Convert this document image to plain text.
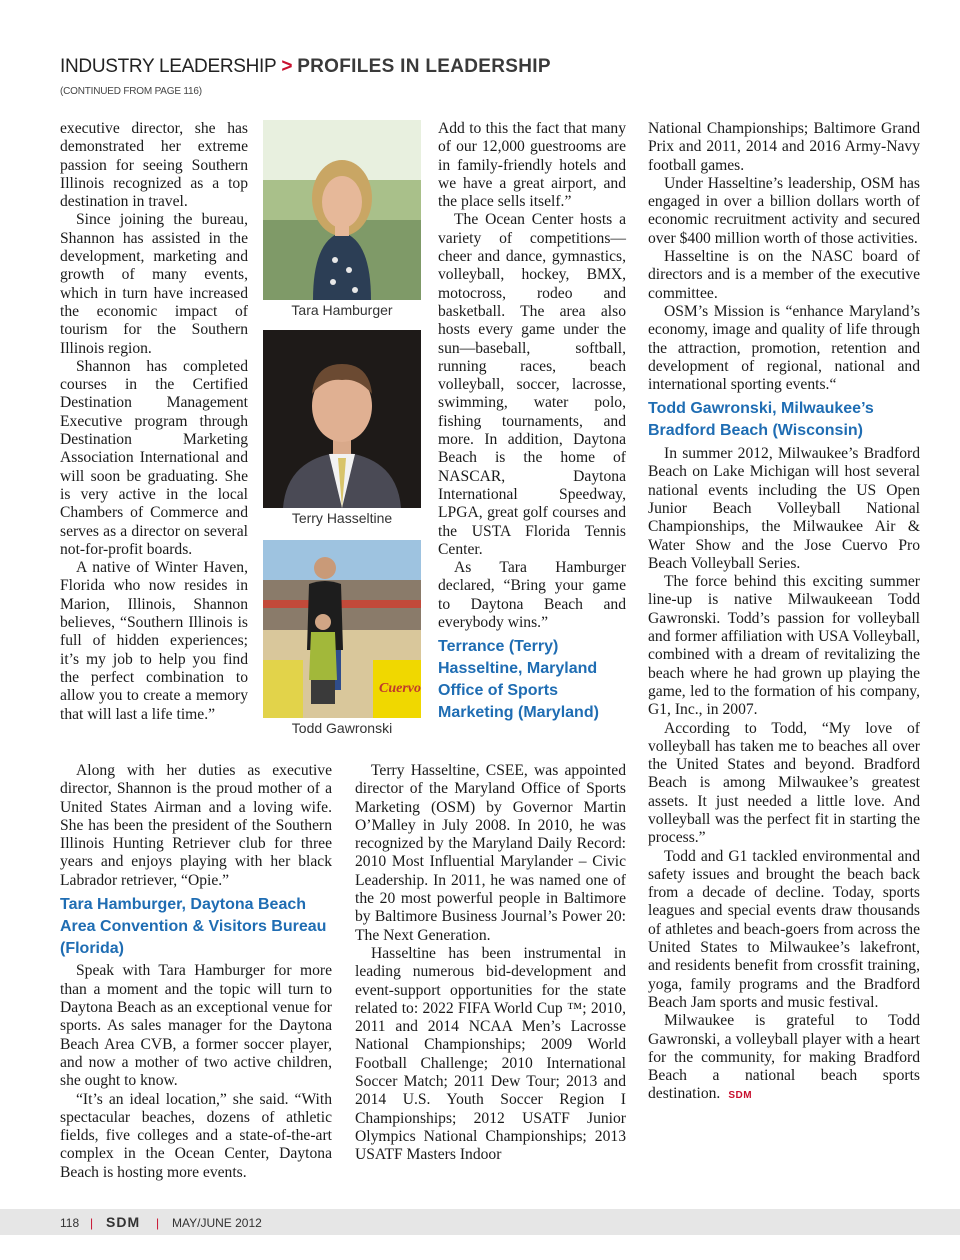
INDUSTRY LEADERSHIP > PROFILES IN LEADERSHIP
(CONTINUED FROM PAGE 116)

executive director, she has demonstrated her extreme passion for seeing Southern Illinois recognized as a top destination in travel.

Since joining the bureau, Shannon has assisted in the development, marketing and growth of many events, which in turn have increased the economic impact of tourism for the Southern Illinois region.

Shannon has completed courses in the Certified Destination Management Executive program through Destination Marketing Association International and will soon be graduating. She is very active in the local Chambers of Commerce and serves as a director on several not-for-profit boards.

A native of Winter Haven, Florida who now resides in Marion, Illinois, Shannon believes, “Southern Illinois is full of hidden experiences; it’s my job to help you find the perfect combination to allow you to create a memory that will last a life time.”

Tara Hamburger
Terry Hasseltine
Cuervo
Todd Gawronski

Along with her duties as executive director, Shannon is the proud mother of a United States Airman and a loving wife. She has been the president of the Southern Illinois Hunting Retriever club for three years and enjoys playing with her black Labrador retriever, “Opie.”

Tara Hamburger, Daytona Beach Area Convention & Visitors Bureau (Florida)

Speak with Tara Hamburger for more than a moment and the topic will turn to Daytona Beach as an exceptional venue for sports. As sales manager for the Daytona Beach Area CVB, a former soccer player, and now a mother of two active children, she ought to know.

“It’s an ideal location,” she said. “With spectacular beaches, dozens of athletic fields, five colleges and a state-of-the-art complex in the Ocean Center, Daytona Beach is hosting more events.

Add to this the fact that many of our 12,000 guestrooms are in family-friendly hotels and we have a great airport, and the place sells itself.”

The Ocean Center hosts a variety of competitions—cheer and dance, gymnastics, volleyball, hockey, BMX, motocross, rodeo and basketball. The area also hosts every game under the sun—baseball, softball, running races, beach volleyball, soccer, lacrosse, swimming, water polo, fishing tournaments, and more. In addition, Daytona Beach is the home of NASCAR, Daytona International Speedway, LPGA, great golf courses and the USTA Florida Tennis Center.

As Tara Hamburger declared, “Bring your game to Daytona Beach and everybody wins.”

Terrance (Terry) Hasseltine, Maryland Office of Sports Marketing (Maryland)

Terry Hasseltine, CSEE, was appointed director of the Maryland Office of Sports Marketing (OSM) by Governor Martin O’Malley in July 2008. In 2010, he was recognized by the Maryland Daily Record: 2010 Most Influential Marylander – Civic Leadership. In 2011, he was named one of the 20 most powerful people in Baltimore by Baltimore Business Journal’s Power 20: The Next Generation.

Hasseltine has been instrumental in leading numerous bid-development and event-support opportunities for the state related to: 2022 FIFA World Cup ™; 2010, 2011 and 2014 NCAA Men’s Lacrosse National Championships; 2009 World Football Challenge; 2010 International Soccer Match; 2011 Dew Tour; 2013 and 2014 U.S. Youth Soccer Region I Championships; 2012 USATF Junior Olympics National Championships; 2013 USATF Masters Indoor

National Championships; Baltimore Grand Prix and 2011, 2014 and 2016 Army-Navy football games.

Under Hasseltine’s leadership, OSM has engaged in over a billion dollars worth of economic recruitment activity and secured over $400 million worth of those activities.

Hasseltine is on the NASC board of directors and is a member of the executive committee.

OSM’s Mission is “enhance Maryland’s economy, image and quality of life through the attraction, promotion, retention and development of regional, national and international sporting events.“

Todd Gawronski, Milwaukee’s Bradford Beach (Wisconsin)

In summer 2012, Milwaukee’s Bradford Beach on Lake Michigan will host several national events including the US Open Junior Beach Volleyball National Championships, the Milwaukee Air & Water Show and the Jose Cuervo Pro Beach Volleyball Series.

The force behind this exciting summer line-up is native Milwaukeean Todd Gawronski. Todd’s passion for volleyball and former affiliation with USA Volleyball, combined with a dream of revitalizing the beach where he had grown up playing the game, led to the formation of his company, G1, Inc., in 2007.

According to Todd, “My love of volleyball has taken me to beaches all over the United States and beyond. Bradford Beach is among Milwaukee’s greatest assets. It just needed a little love. And volleyball was the perfect fit in starting the process.”

Todd and G1 tackled environmental and safety issues and brought the beach back from a decade of decline. Today, sports leagues and special events draw thousands of athletes and beach-goers from across the United States to Milwaukee’s lakefront, and residents benefit from crossfit training, yoga, family programs and the Bradford Beach Jam sports and music festival.

Milwaukee is grateful to Todd Gawronski, a volleyball player with a heart for the community, for making Bradford Beach a national beach sports destination. SDM

118 | SDM | MAY/JUNE 2012
